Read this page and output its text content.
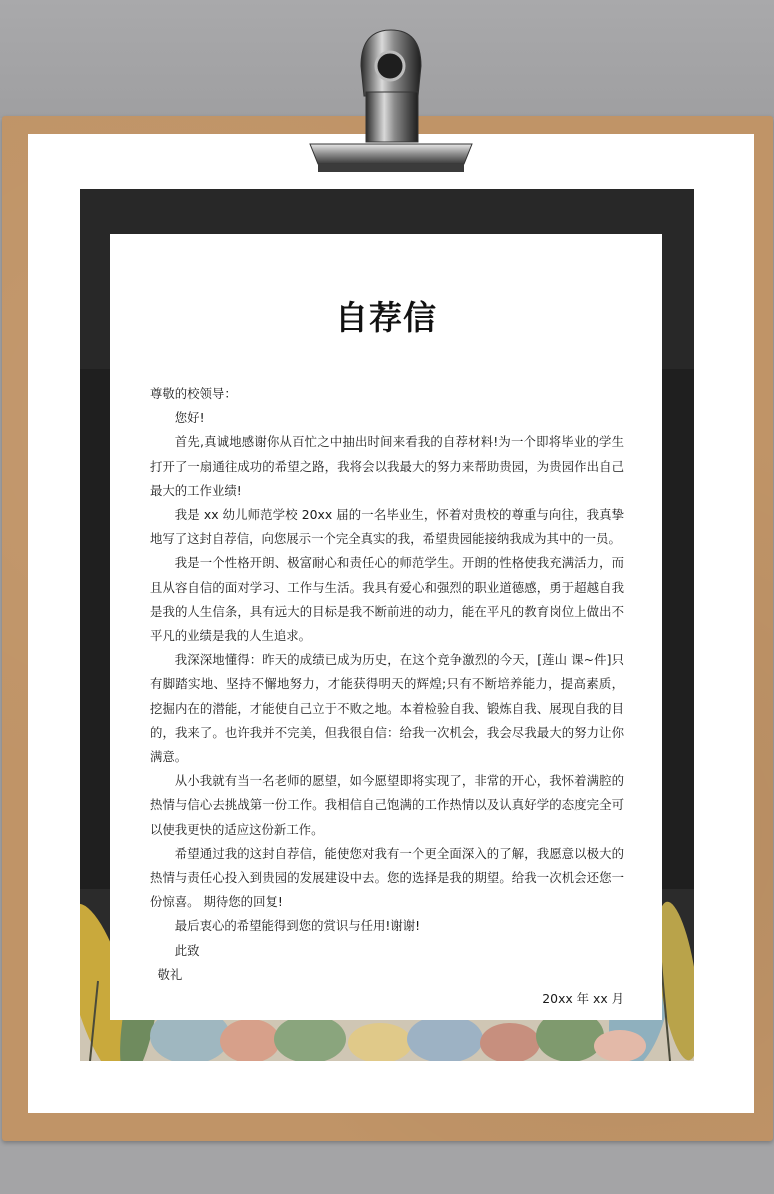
自荐信

尊敬的校领导：

您好!

首先,真诚地感谢你从百忙之中抽出时间来看我的自荐材料!为一个即将毕业的学生打开了一扇通往成功的希望之路，我将会以我最大的努力来帮助贵园，为贵园作出自己最大的工作业绩!

我是 xx 幼儿师范学校 20xx 届的一名毕业生，怀着对贵校的尊重与向往，我真挚地写了这封自荐信，向您展示一个完全真实的我，希望贵园能接纳我成为其中的一员。

我是一个性格开朗、极富耐心和责任心的师范学生。开朗的性格使我充满活力，而且从容自信的面对学习、工作与生活。我具有爱心和强烈的职业道德感，勇于超越自我是我的人生信条，具有远大的目标是我不断前进的动力，能在平凡的教育岗位上做出不平凡的业绩是我的人生追求。

我深深地懂得：昨天的成绩已成为历史，在这个竞争激烈的今天，[莲山 课~件]只有脚踏实地、坚持不懈地努力，才能获得明天的辉煌;只有不断培养能力，提高素质，挖掘内在的潜能，才能使自己立于不败之地。本着检验自我、锻炼自我、展现自我的目的，我来了。也许我并不完美，但我很自信：给我一次机会，我会尽我最大的努力让你满意。

从小我就有当一名老师的愿望，如今愿望即将实现了，非常的开心，我怀着满腔的热情与信心去挑战第一份工作。我相信自己饱满的工作热情以及认真好学的态度完全可以使我更快的适应这份新工作。

希望通过我的这封自荐信，能使您对我有一个更全面深入的了解，我愿意以极大的热情与责任心投入到贵园的发展建设中去。您的选择是我的期望。给我一次机会还您一份惊喜。 期待您的回复!

最后衷心的希望能得到您的赏识与任用!谢谢!

此致

敬礼

20xx 年 xx 月
